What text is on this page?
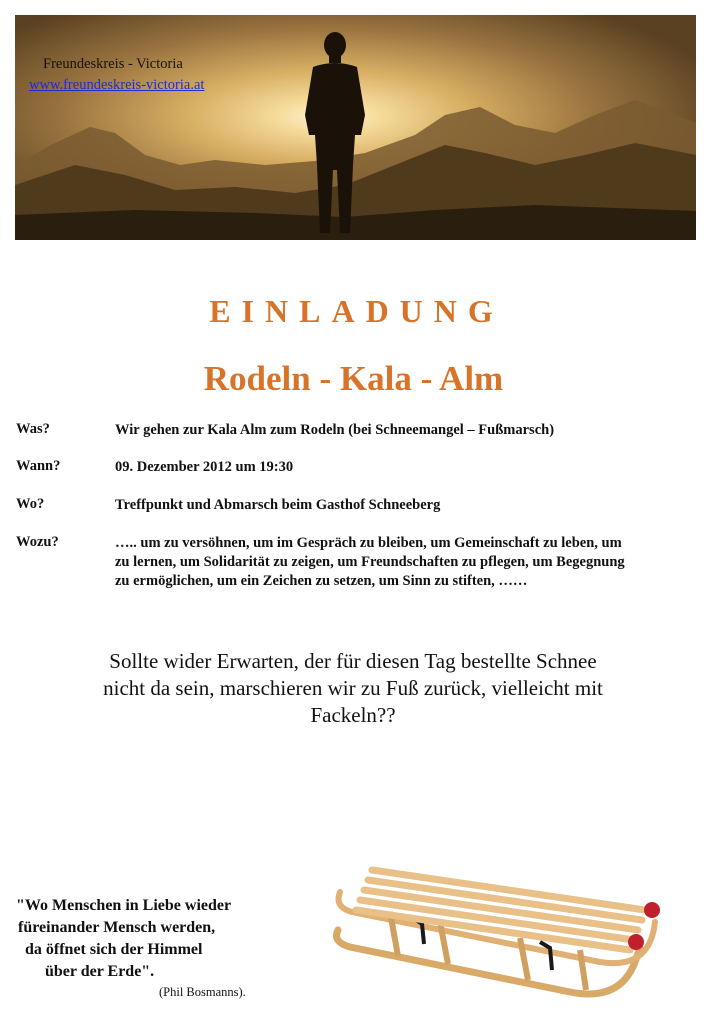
Freundeskreis - Victoria
www.freundeskreis-victoria.at
EINLADUNG
Rodeln - Kala - Alm
Was?	Wir gehen zur Kala Alm zum Rodeln (bei Schneemangel – Fußmarsch)
Wann?	09. Dezember 2012 um 19:30
Wo?	Treffpunkt und Abmarsch beim Gasthof Schneeberg
Wozu?	….. um zu versöhnen, um im Gespräch zu bleiben, um Gemeinschaft zu leben, um zu lernen, um Solidarität zu zeigen, um Freundschaften zu pflegen, um Begegnung zu ermöglichen, um ein Zeichen zu setzen, um Sinn zu stiften, ……
Sollte wider Erwarten, der für diesen Tag bestellte Schnee nicht da sein, marschieren wir zu Fuß zurück, vielleicht mit Fackeln??
"Wo Menschen in Liebe wieder
füreinander Mensch werden,
da öffnet sich der Himmel
über der Erde".
(Phil Bosmanns).
